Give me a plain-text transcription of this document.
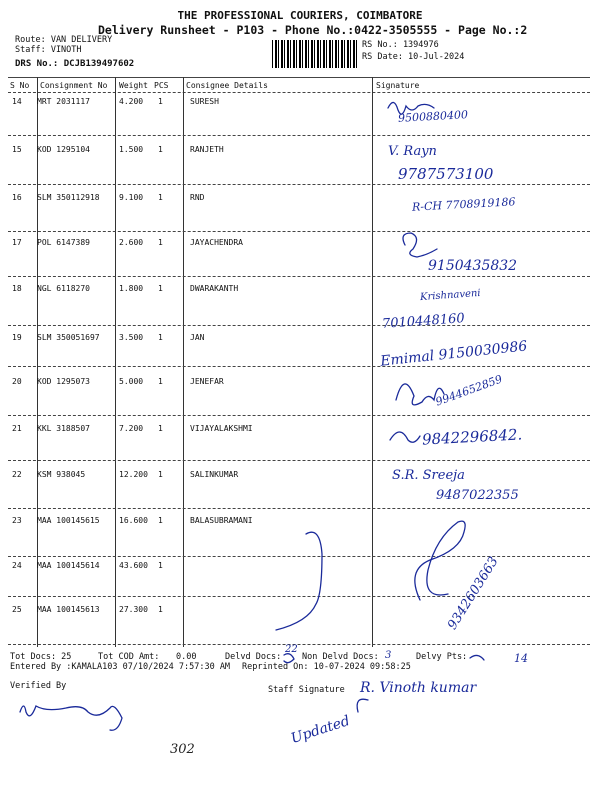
THE PROFESSIONAL COURIERS, COIMBATORE
Delivery Runsheet - P103 - Phone No.:0422-3505555 - Page No.:2
Route: VAN DELIVERY
Staff: VINOTH
DRS No.: DCJB139497602
RS No.: 1394976
RS Date: 10-Jul-2024
S No Consignment No Weight PCS Consignee Details	Signature
14 MRT 2031117	4.200 1	SURESH
15 KOD 1295104	1.500 1	RANJETH
16 SLM 350112918 9.100 1	RND
17 POL 6147389	2.600 1	JAYACHENDRA
18 NGL 6118270	1.800 1	DWARAKANTH
19 SLM 350051697 3.500 1	JAN
20 KOD 1295073	5.000 1	JENEFAR
21 KKL 3188507	7.200 1	VIJAYALAKSHMI
22 KSM 938045	12.200 1	SALINKUMAR
23 MAA 100145615 16.600 1	BALASUBRAMANI
24 MAA 100145614 43.600 1
25 MAA 100145613 27.300 1
Tot Docs: 25	Tot COD Amt: 0.00	Delvd Docs: Non Delvd Docs:	Delvy Pts:
Entered By :KAMALA103 07/10/2024 7:57:30 AM Reprinted On: 10-07-2024 09:58:25
Verified By	Staff Signature
9500880400
V. Rayn
9787573100
R-CH 7708919186
9150435832
Krishnaveni
7010448160
Emimal 9150030986
9944652859
9842296842.
S.R. Sreeja
9487022355
9342603663
22
3	14
R. Vinoth kumar
Updated
302
